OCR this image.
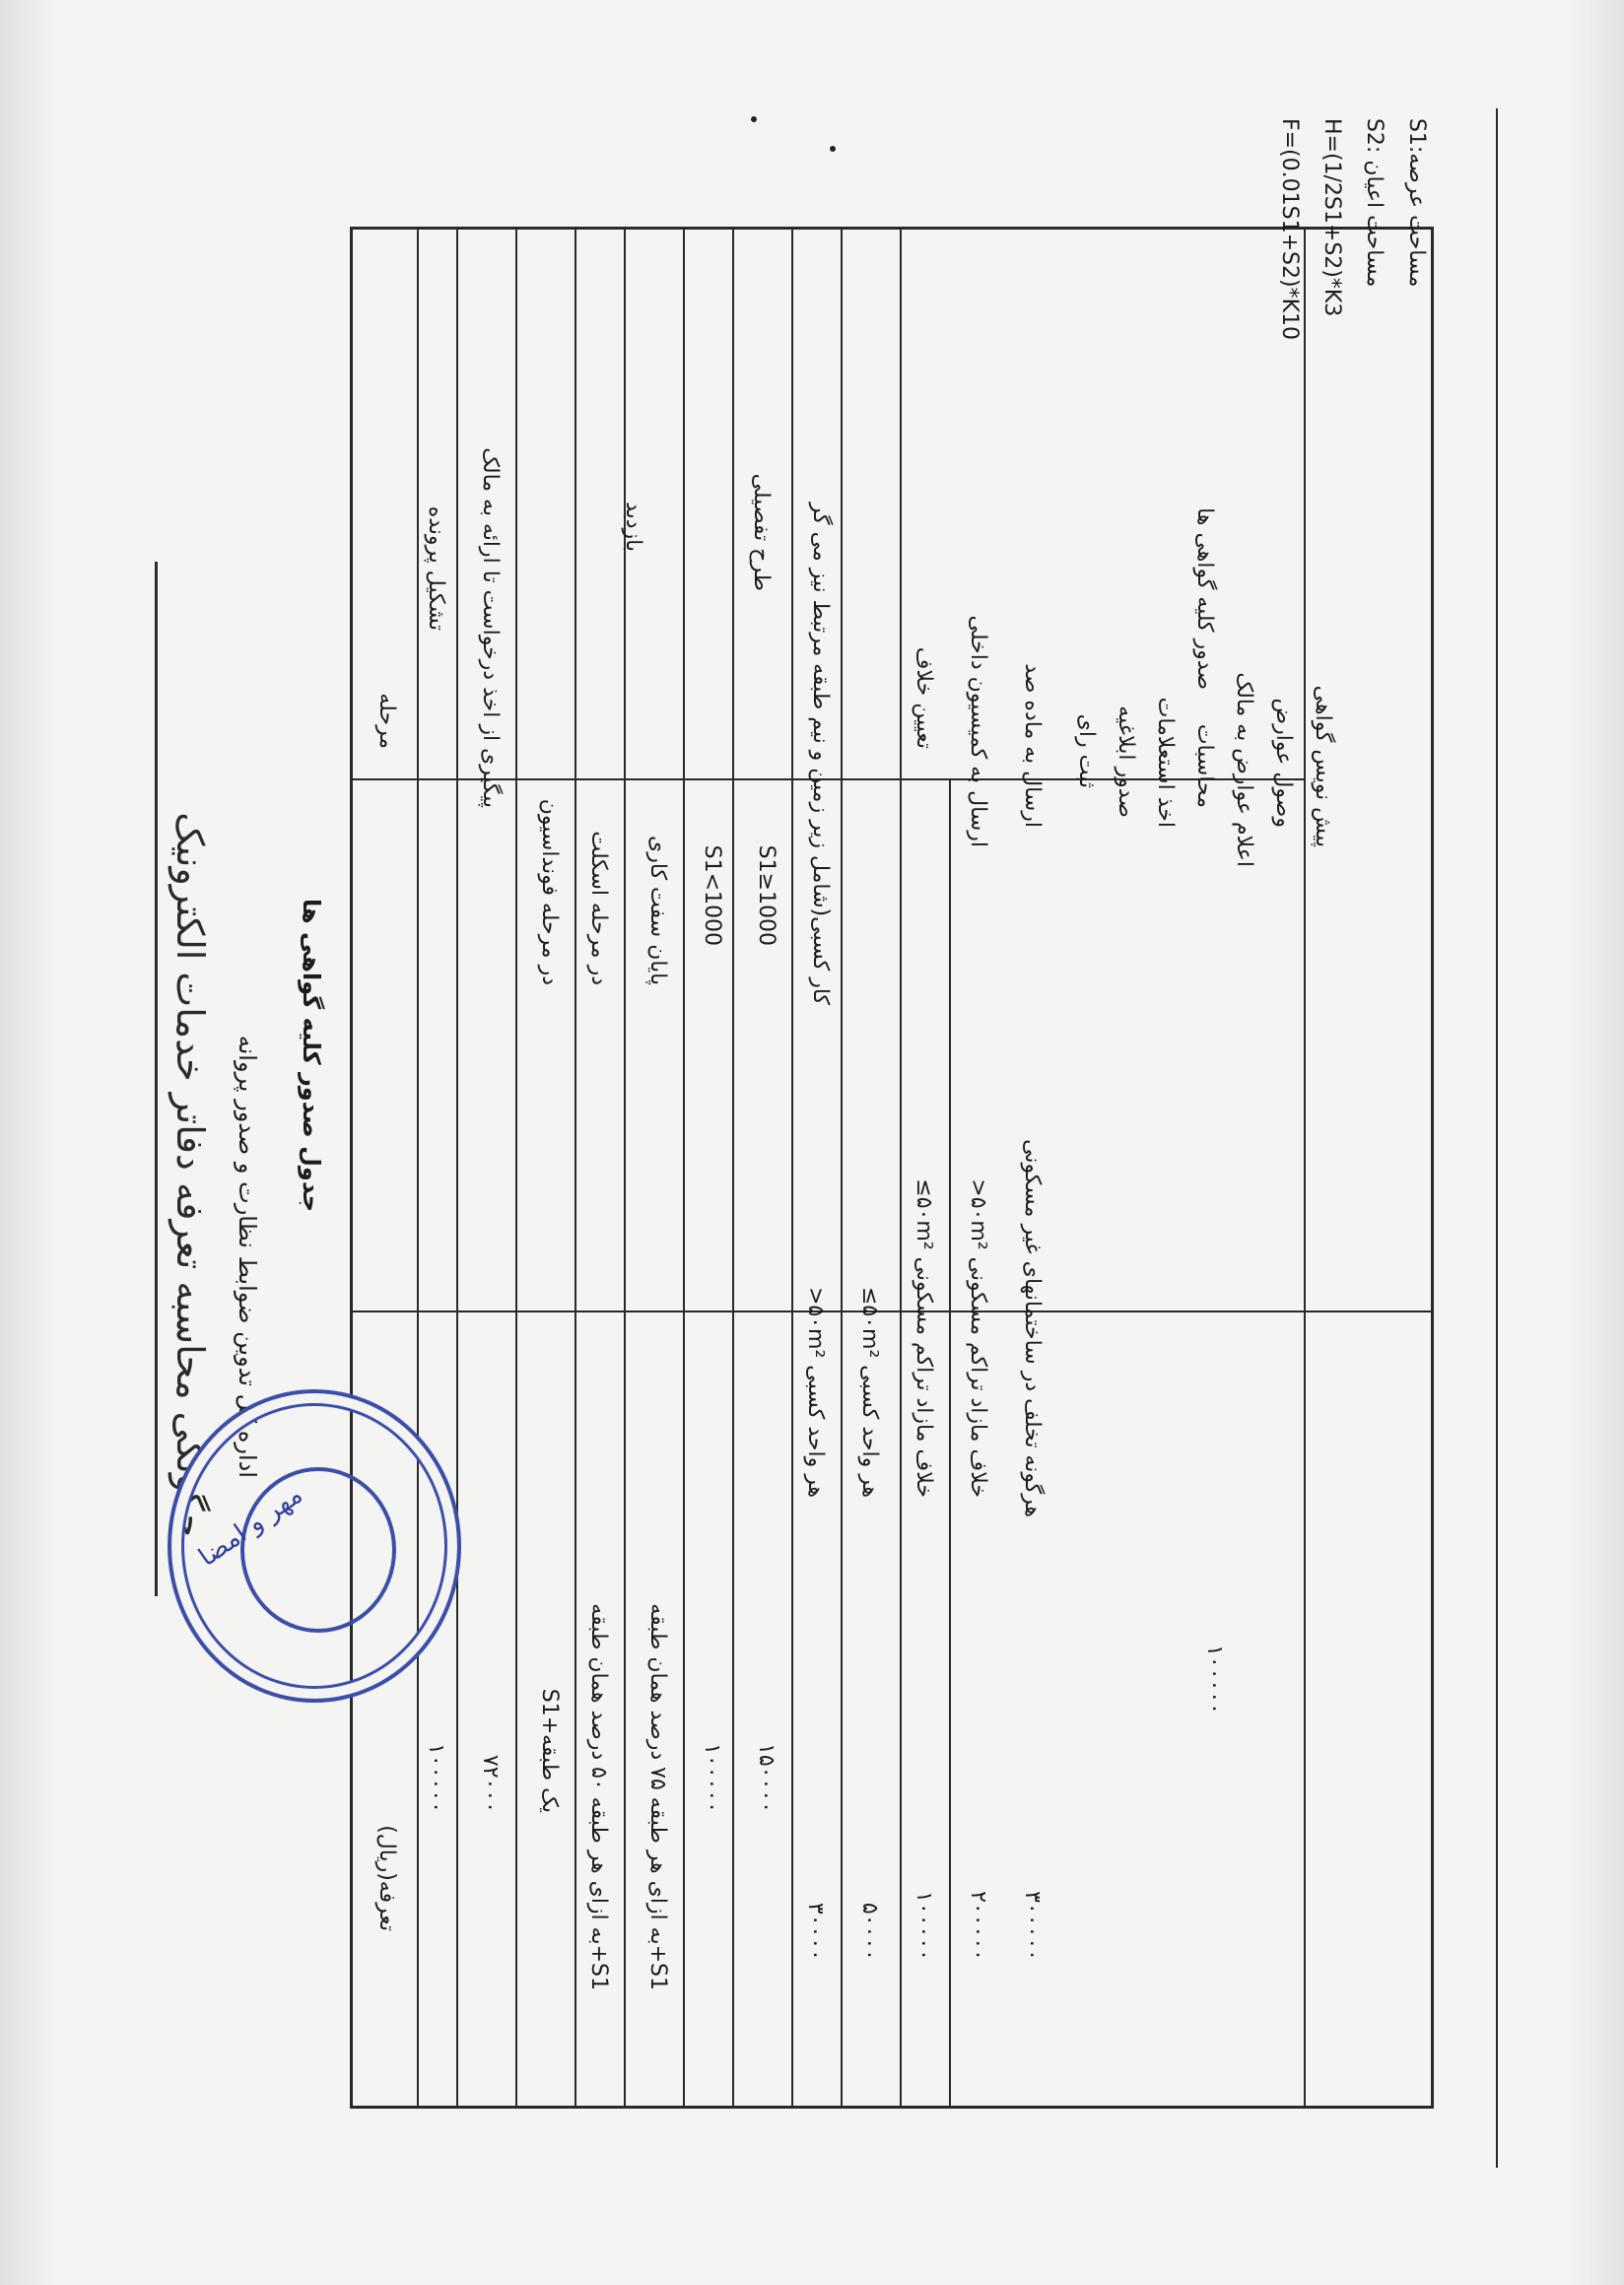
چگونگی محاسبه تعرفه دفاتر خدمات الکترونیک اداره کل تدوین ضوابط نظارت و صدور پروانه جدول صدور کلیه گواهی ها
تعرفه(ریال)
مرحله
تشکیل پرونده
۱۰۰۰۰۰
پیگیری از اخذ درخواست تا ارائه به مالک
۷۲۰۰۰
بازدید
در مرحله فونداسیون
یک طبقه+S1
در مرحله اسکلت
S1+به ازای هر طبقه ۵۰ درصد همان طبقه
پایان سفت کاری
S1+به ازای هر طبقه ۷۵ درصد همان طبقه
طرح تفصیلی
S1<1000
۱۰۰۰۰۰
S1≥1000
۱۵۰۰۰۰
کار کسبی(شامل زیر زمین و نیم طبقه مرتبط نیز می گر
هر واحد کسبی ۵۰m²<
۳۰۰۰۰
هر واحد کسبی ۵۰m²≥
۵۰۰۰۰
تعیین خلاف
خلاف مازاد تراکم مسکونی ۵۰m²≥
۱۰۰۰۰۰
ارسال به کمیسیون داخلی
خلاف مازاد تراکم مسکونی ۵۰m²<
۲۰۰۰۰۰
ارسال به ماده صد
هرگونه تخلف در ساختمانهای غیر مسکونی
۳۰۰۰۰۰
صدور کلیه گواهی ها
۱۰۰۰۰۰
ثبت رای صدور ابلاغیه اخذ استعلامات محاسبات اعلام عوارض به مالک وصول عوارض پیش نویس گواهی
S1:مساحت عرصه
S2: مساحت اعیان
H=(1/2S1+S2)*K3
F=(0.01S1+S2)*K10
مهر و امضا
